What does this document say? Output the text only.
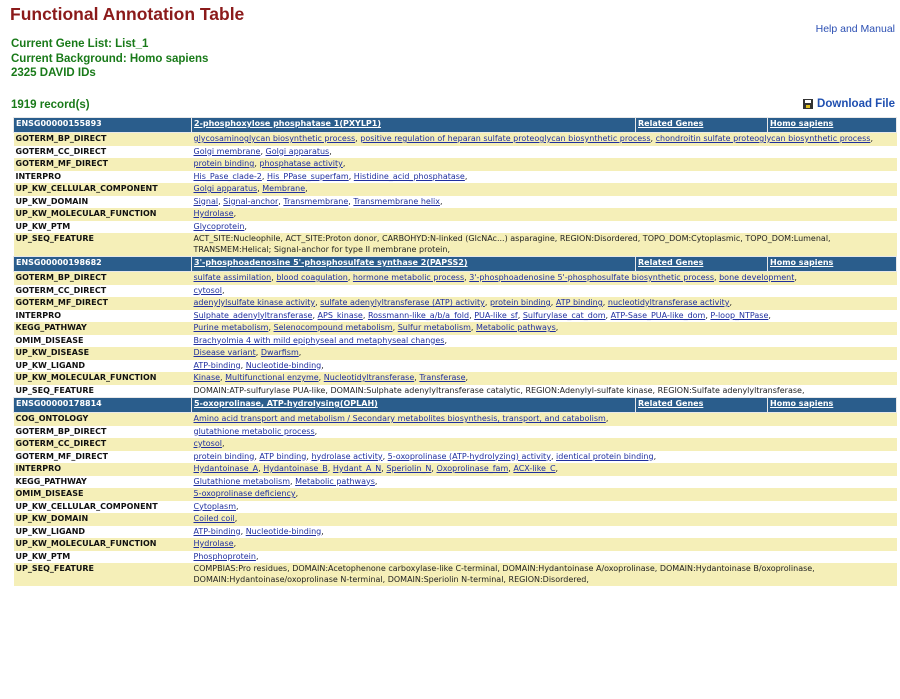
Functional Annotation Table
Help and Manual
Current Gene List: List_1
Current Background: Homo sapiens
2325 DAVID IDs
1919 record(s)	Download File
ENSG00000155893	2-phosphoxylose phosphatase 1(PXYLP1)	Related Genes	Homo sapiens
GOTERM_BP_DIRECT	glycosaminoglycan biosynthetic process, positive regulation of heparan sulfate proteoglycan biosynthetic process, chondroitin sulfate proteoglycan biosynthetic process,		
GOTERM_CC_DIRECT	Golgi membrane, Golgi apparatus,		
GOTERM_MF_DIRECT	protein binding, phosphatase activity,		
INTERPRO	His_Pase_clade-2, His_PPase_superfam, Histidine_acid_phosphatase,		
UP_KW_CELLULAR_COMPONENT	Golgi apparatus, Membrane,		
UP_KW_DOMAIN	Signal, Signal-anchor, Transmembrane, Transmembrane helix,		
UP_KW_MOLECULAR_FUNCTION	Hydrolase,		
UP_KW_PTM	Glycoprotein,		
UP_SEQ_FEATURE	ACT_SITE:Nucleophile, ACT_SITE:Proton donor, CARBOHYD:N-linked (GlcNAc...) asparagine, REGION:Disordered, TOPO_DOM:Cytoplasmic, TOPO_DOM:Lumenal, TRANSMEM:Helical; Signal-anchor for type II membrane protein,		
ENSG00000198682	3'-phosphoadenosine 5'-phosphosulfate synthase 2(PAPSS2)	Related Genes	Homo sapiens
GOTERM_BP_DIRECT	sulfate assimilation, blood coagulation, hormone metabolic process, 3'-phosphoadenosine 5'-phosphosulfate biosynthetic process, bone development,		
GOTERM_CC_DIRECT	cytosol,		
GOTERM_MF_DIRECT	adenylylsulfate kinase activity, sulfate adenylyltransferase (ATP) activity, protein binding, ATP binding, nucleotidyltransferase activity,		
INTERPRO	Sulphate_adenylyltransferase, APS_kinase, Rossmann-like_a/b/a_fold, PUA-like_sf, Sulfurylase_cat_dom, ATP-Sase_PUA-like_dom, P-loop_NTPase,		
KEGG_PATHWAY	Purine metabolism, Selenocompound metabolism, Sulfur metabolism, Metabolic pathways,		
OMIM_DISEASE	Brachyolmia 4 with mild epiphyseal and metaphyseal changes,		
UP_KW_DISEASE	Disease variant, Dwarfism,		
UP_KW_LIGAND	ATP-binding, Nucleotide-binding,		
UP_KW_MOLECULAR_FUNCTION	Kinase, Multifunctional enzyme, Nucleotidyltransferase, Transferase,		
UP_SEQ_FEATURE	DOMAIN:ATP-sulfurylase PUA-like, DOMAIN:Sulphate adenylyltransferase catalytic, REGION:Adenylyl-sulfate kinase, REGION:Sulfate adenylyltransferase,		
ENSG00000178814	5-oxoprolinase, ATP-hydrolysing(OPLAH)	Related Genes	Homo sapiens
COG_ONTOLOGY	Amino acid transport and metabolism / Secondary metabolites biosynthesis, transport, and catabolism,		
GOTERM_BP_DIRECT	glutathione metabolic process,		
GOTERM_CC_DIRECT	cytosol,		
GOTERM_MF_DIRECT	protein binding, ATP binding, hydrolase activity, 5-oxoprolinase (ATP-hydrolyzing) activity, identical protein binding,		
INTERPRO	Hydantoinase_A, Hydantoinase_B, Hydant_A_N, Speriolin_N, Oxoprolinase_fam, ACX-like_C,		
KEGG_PATHWAY	Glutathione metabolism, Metabolic pathways,		
OMIM_DISEASE	5-oxoprolinase deficiency,		
UP_KW_CELLULAR_COMPONENT	Cytoplasm,		
UP_KW_DOMAIN	Coiled coil,		
UP_KW_LIGAND	ATP-binding, Nucleotide-binding,		
UP_KW_MOLECULAR_FUNCTION	Hydrolase,		
UP_KW_PTM	Phosphoprotein,		
UP_SEQ_FEATURE	COMPBIAS:Pro residues, DOMAIN:Acetophenone carboxylase-like C-terminal, DOMAIN:Hydantoinase A/oxoprolinase, DOMAIN:Hydantoinase B/oxoprolinase, DOMAIN:Hydantoinase/oxoprolinase N-terminal, DOMAIN:Speriolin N-terminal, REGION:Disordered,		
